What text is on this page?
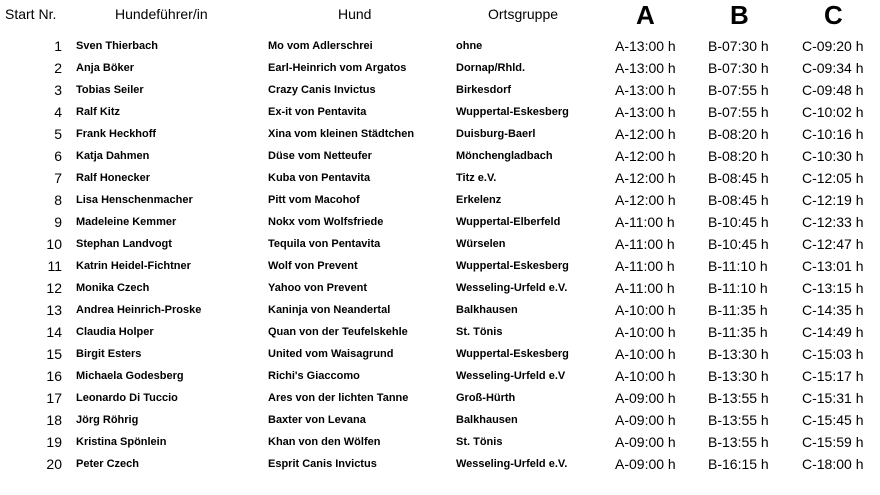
Start Nr.	Hundeführer/in	Hund	Ortsgruppe	A	B	C
1 Sven Thierbach	Mo vom Adlerschrei	ohne	A-13:00 h B-07:30 h C-09:20 h
2 Anja Böker	Earl-Heinrich vom Argatos	Dornap/Rhld.	A-13:00 h B-07:30 h C-09:34 h
3 Tobias Seiler	Crazy Canis Invictus	Birkesdorf	A-13:00 h B-07:55 h C-09:48 h
4 Ralf Kitz	Ex-it von Pentavita	Wuppertal-Eskesberg	A-13:00 h B-07:55 h C-10:02 h
5 Frank Heckhoff	Xina vom kleinen Städtchen	Duisburg-Baerl	A-12:00 h B-08:20 h C-10:16 h
6 Katja Dahmen	Düse vom Netteufer	Mönchengladbach	A-12:00 h B-08:20 h C-10:30 h
7 Ralf Honecker	Kuba von Pentavita	Titz e.V.	A-12:00 h B-08:45 h C-12:05 h
8 Lisa Henschenmacher	Pitt vom Macohof	Erkelenz	A-12:00 h B-08:45 h C-12:19 h
9 Madeleine Kemmer	Nokx vom Wolfsfriede	Wuppertal-Elberfeld	A-11:00 h B-10:45 h C-12:33 h
10 Stephan Landvogt	Tequila von Pentavita	Würselen	A-11:00 h B-10:45 h C-12:47 h
11 Katrin Heidel-Fichtner	Wolf von Prevent	Wuppertal-Eskesberg	A-11:00 h B-11:10 h C-13:01 h
12 Monika Czech	Yahoo von Prevent	Wesseling-Urfeld e.V.	A-11:00 h B-11:10 h C-13:15 h
13 Andrea Heinrich-Proske	Kaninja von Neandertal	Balkhausen	A-10:00 h B-11:35 h C-14:35 h
14 Claudia Holper	Quan von der Teufelskehle	St. Tönis	A-10:00 h B-11:35 h C-14:49 h
15 Birgit Esters	United vom Waisagrund	Wuppertal-Eskesberg	A-10:00 h B-13:30 h C-15:03 h
16 Michaela Godesberg	Richi's Giaccomo	Wesseling-Urfeld e.V	A-10:00 h B-13:30 h C-15:17 h
17 Leonardo Di Tuccio	Ares von der lichten Tanne	Groß-Hürth	A-09:00 h B-13:55 h C-15:31 h
18 Jörg Röhrig	Baxter von Levana	Balkhausen	A-09:00 h B-13:55 h C-15:45 h
19 Kristina Spönlein	Khan von den Wölfen	St. Tönis	A-09:00 h B-13:55 h C-15:59 h
20 Peter Czech	Esprit Canis Invictus	Wesseling-Urfeld e.V.	A-09:00 h B-16:15 h C-18:00 h
